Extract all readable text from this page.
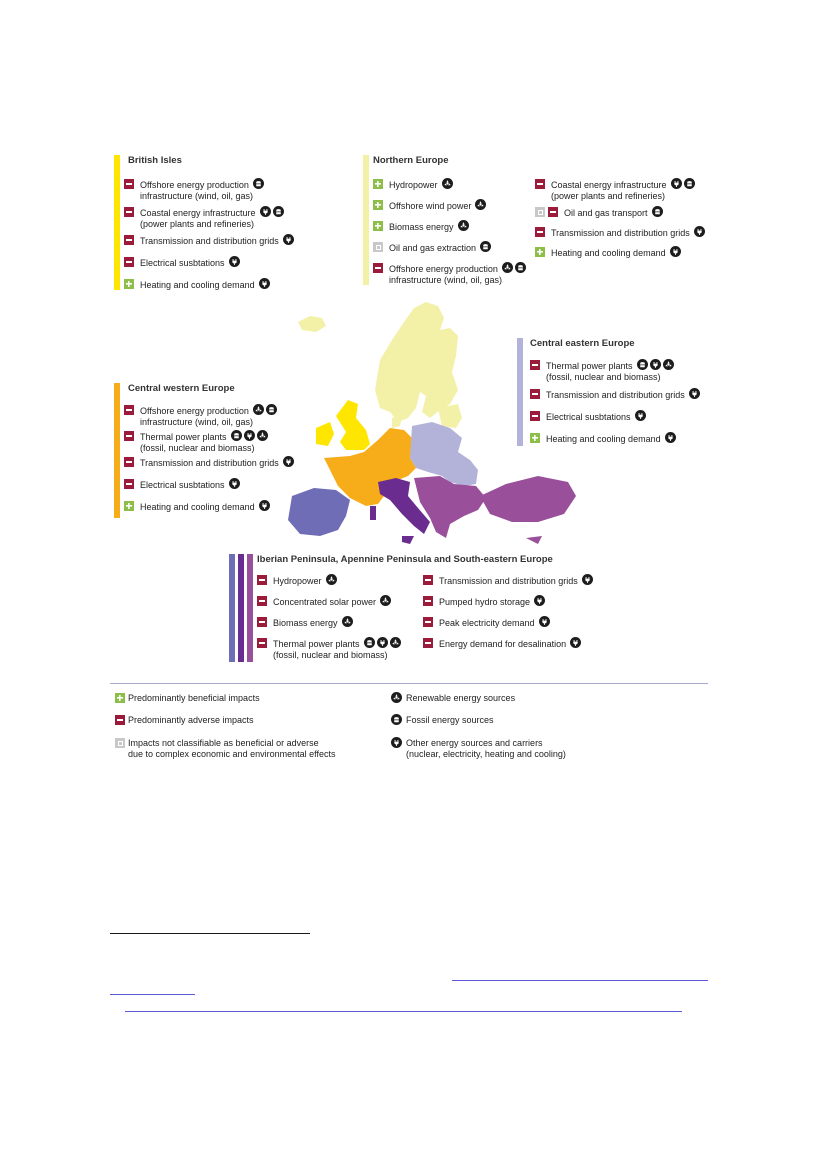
British Isles
Offshore energy production
infrastructure (wind, oil, gas)
Coastal energy infrastructure
(power plants and refineries)
Transmission and distribution grids
Electrical susbtations
Heating and cooling demand
Northern Europe
Hydropower
Offshore wind power
Biomass energy
Oil and gas extraction
Offshore energy production
infrastructure (wind, oil, gas)
Coastal energy infrastructure
(power plants and refineries)
Oil and gas transport
Transmission and distribution grids
Heating and cooling demand
Central eastern Europe
Thermal power plants
(fossil, nuclear and biomass)
Transmission and distribution grids
Electrical susbtations
Heating and cooling demand
Central western Europe
Offshore energy production
infrastructure (wind, oil, gas)
Thermal power plants
(fossil, nuclear and biomass)
Transmission and distribution grids
Electrical susbtations
Heating and cooling demand
Iberian Peninsula, Apennine Peninsula and South-eastern Europe
Hydropower
Concentrated solar power
Biomass energy
Thermal power plants
(fossil, nuclear and biomass)
Transmission and distribution grids
Pumped hydro storage
Peak electricity demand
Energy demand for desalination
Predominantly beneficial impacts
Predominantly adverse impacts
Impacts not classifiable as beneficial or adverse
due to complex economic and environmental effects
Renewable energy sources
Fossil energy sources
Other energy sources and carriers
(nuclear, electricity, heating and cooling)
